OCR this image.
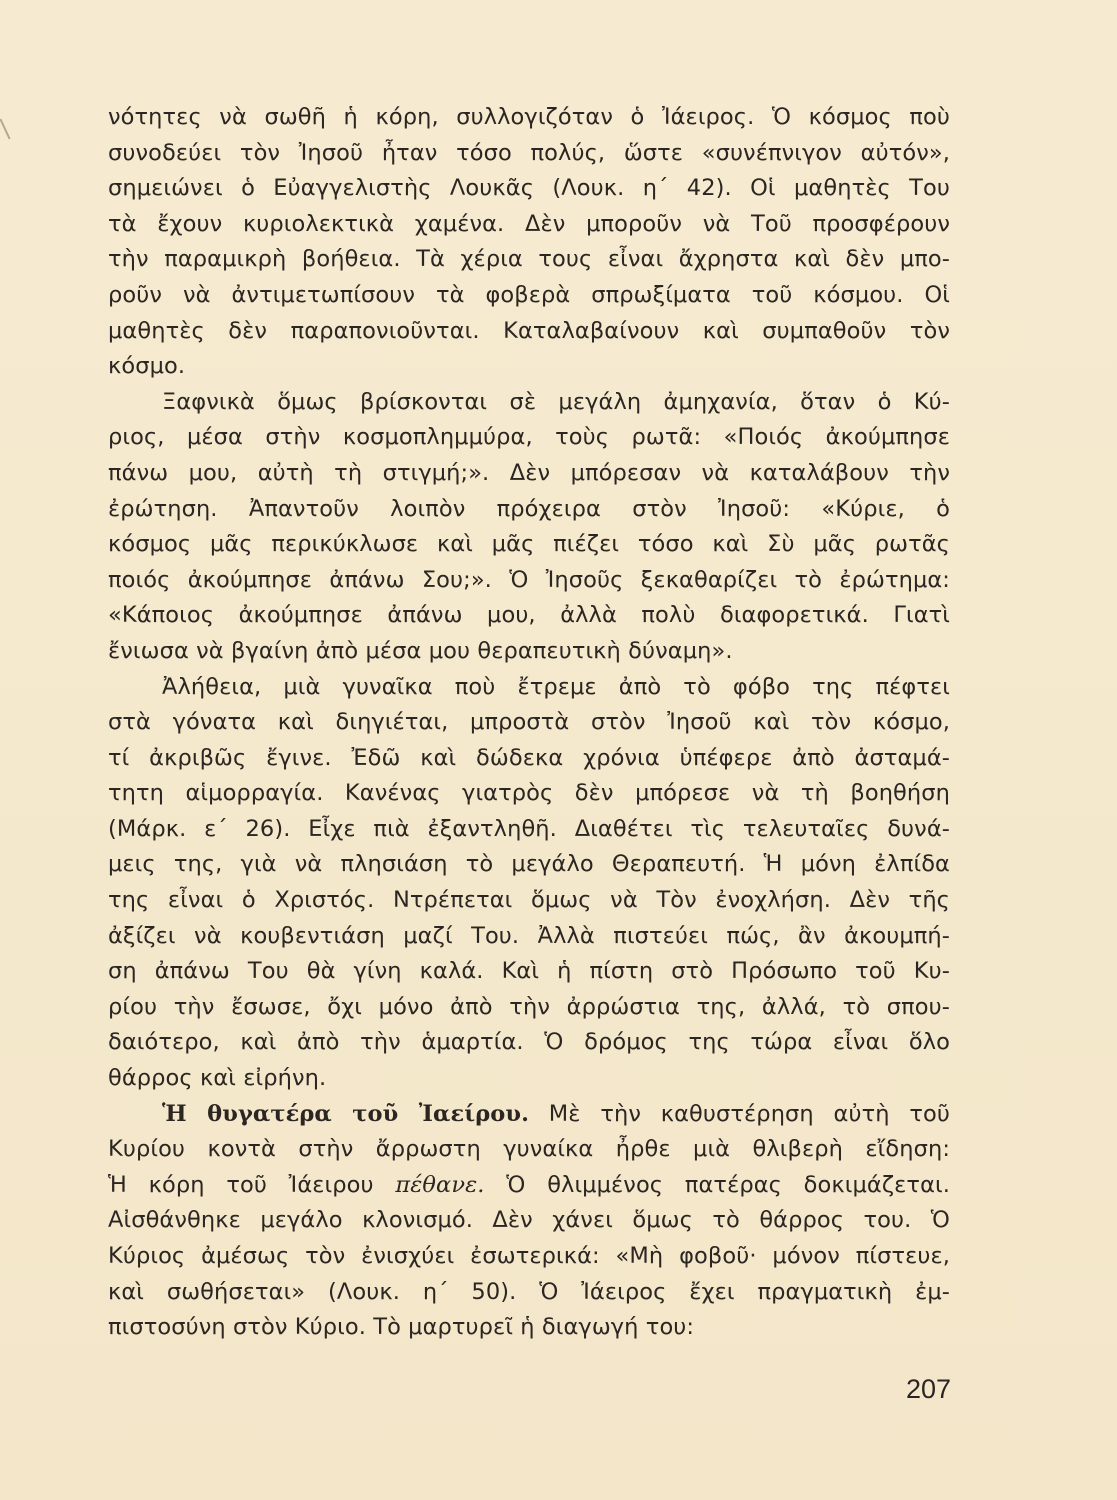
νότητες νὰ σωθῆ ἡ κόρη, συλλογιζόταν ὁ Ἰάειρος. Ὁ κόσμος ποὺ
συνοδεύει τὸν Ἰησοῦ ἦταν τόσο πολύς, ὥστε «συνέπνιγον αὐτόν»,
σημειώνει ὁ Εὐαγγελιστὴς Λουκᾶς (Λουκ. η΄ 42). Οἱ μαθητὲς Του
τὰ ἔχουν κυριολεκτικὰ χαμένα. Δὲν μποροῦν νὰ Τοῦ προσφέρουν
τὴν παραμικρὴ βοήθεια. Τὰ χέρια τους εἶναι ἄχρηστα καὶ δὲν μπο-
ροῦν νὰ ἀντιμετωπίσουν τὰ φοβερὰ σπρωξίματα τοῦ κόσμου. Οἱ
μαθητὲς δὲν παραπονιοῦνται. Καταλαβαίνουν καὶ συμπαθοῦν τὸν
κόσμο.
Ξαφνικὰ ὅμως βρίσκονται σὲ μεγάλη ἀμηχανία, ὅταν ὁ Κύ-
ριος, μέσα στὴν κοσμοπλημμύρα, τοὺς ρωτᾶ: «Ποιός ἀκούμπησε
πάνω μου, αὐτὴ τὴ στιγμή;». Δὲν μπόρεσαν νὰ καταλάβουν τὴν
ἐρώτηση. Ἀπαντοῦν λοιπὸν πρόχειρα στὸν Ἰησοῦ: «Κύριε, ὁ
κόσμος μᾶς περικύκλωσε καὶ μᾶς πιέζει τόσο καὶ Σὺ μᾶς ρωτᾶς
ποιός ἀκούμπησε ἀπάνω Σου;». Ὁ Ἰησοῦς ξεκαθαρίζει τὸ ἐρώτημα:
«Κάποιος ἀκούμπησε ἀπάνω μου, ἀλλὰ πολὺ διαφορετικά. Γιατὶ
ἔνιωσα νὰ βγαίνη ἀπὸ μέσα μου θεραπευτικὴ δύναμη».
Ἀλήθεια, μιὰ γυναῖκα ποὺ ἔτρεμε ἀπὸ τὸ φόβο της πέφτει
στὰ γόνατα καὶ διηγιέται, μπροστὰ στὸν Ἰησοῦ καὶ τὸν κόσμο,
τί ἀκριβῶς ἔγινε. Ἐδῶ καὶ δώδεκα χρόνια ὑπέφερε ἀπὸ ἀσταμά-
τητη αἱμορραγία. Κανένας γιατρὸς δὲν μπόρεσε νὰ τὴ βοηθήση
(Μάρκ. ε΄ 26). Εἶχε πιὰ ἐξαντληθῆ. Διαθέτει τὶς τελευταῖες δυνά-
μεις της, γιὰ νὰ πλησιάση τὸ μεγάλο Θεραπευτή. Ἡ μόνη ἐλπίδα
της εἶναι ὁ Χριστός. Ντρέπεται ὅμως νὰ Τὸν ἐνοχλήση. Δὲν τῆς
ἀξίζει νὰ κουβεντιάση μαζί Του. Ἀλλὰ πιστεύει πώς, ἂν ἀκουμπή-
ση ἀπάνω Του θὰ γίνη καλά. Καὶ ἡ πίστη στὸ Πρόσωπο τοῦ Κυ-
ρίου τὴν ἔσωσε, ὄχι μόνο ἀπὸ τὴν ἀρρώστια της, ἀλλά, τὸ σπου-
δαιότερο, καὶ ἀπὸ τὴν ἁμαρτία. Ὁ δρόμος της τώρα εἶναι ὅλο
θάρρος καὶ εἰρήνη.
Ἡ θυγατέρα τοῦ Ἰαείρου. Μὲ τὴν καθυστέρηση αὐτὴ τοῦ
Κυρίου κοντὰ στὴν ἄρρωστη γυναίκα ἦρθε μιὰ θλιβερὴ εἴδηση:
Ἡ κόρη τοῦ Ἰάειρου πέθανε. Ὁ θλιμμένος πατέρας δοκιμάζεται.
Αἰσθάνθηκε μεγάλο κλονισμό. Δὲν χάνει ὅμως τὸ θάρρος του. Ὁ
Κύριος ἀμέσως τὸν ἐνισχύει ἐσωτερικά: «Μὴ φοβοῦ· μόνον πίστευε,
καὶ σωθήσεται» (Λουκ. η΄ 50). Ὁ Ἰάειρος ἔχει πραγματικὴ ἐμ-
πιστοσύνη στὸν Κύριο. Τὸ μαρτυρεῖ ἡ διαγωγή του:
207
